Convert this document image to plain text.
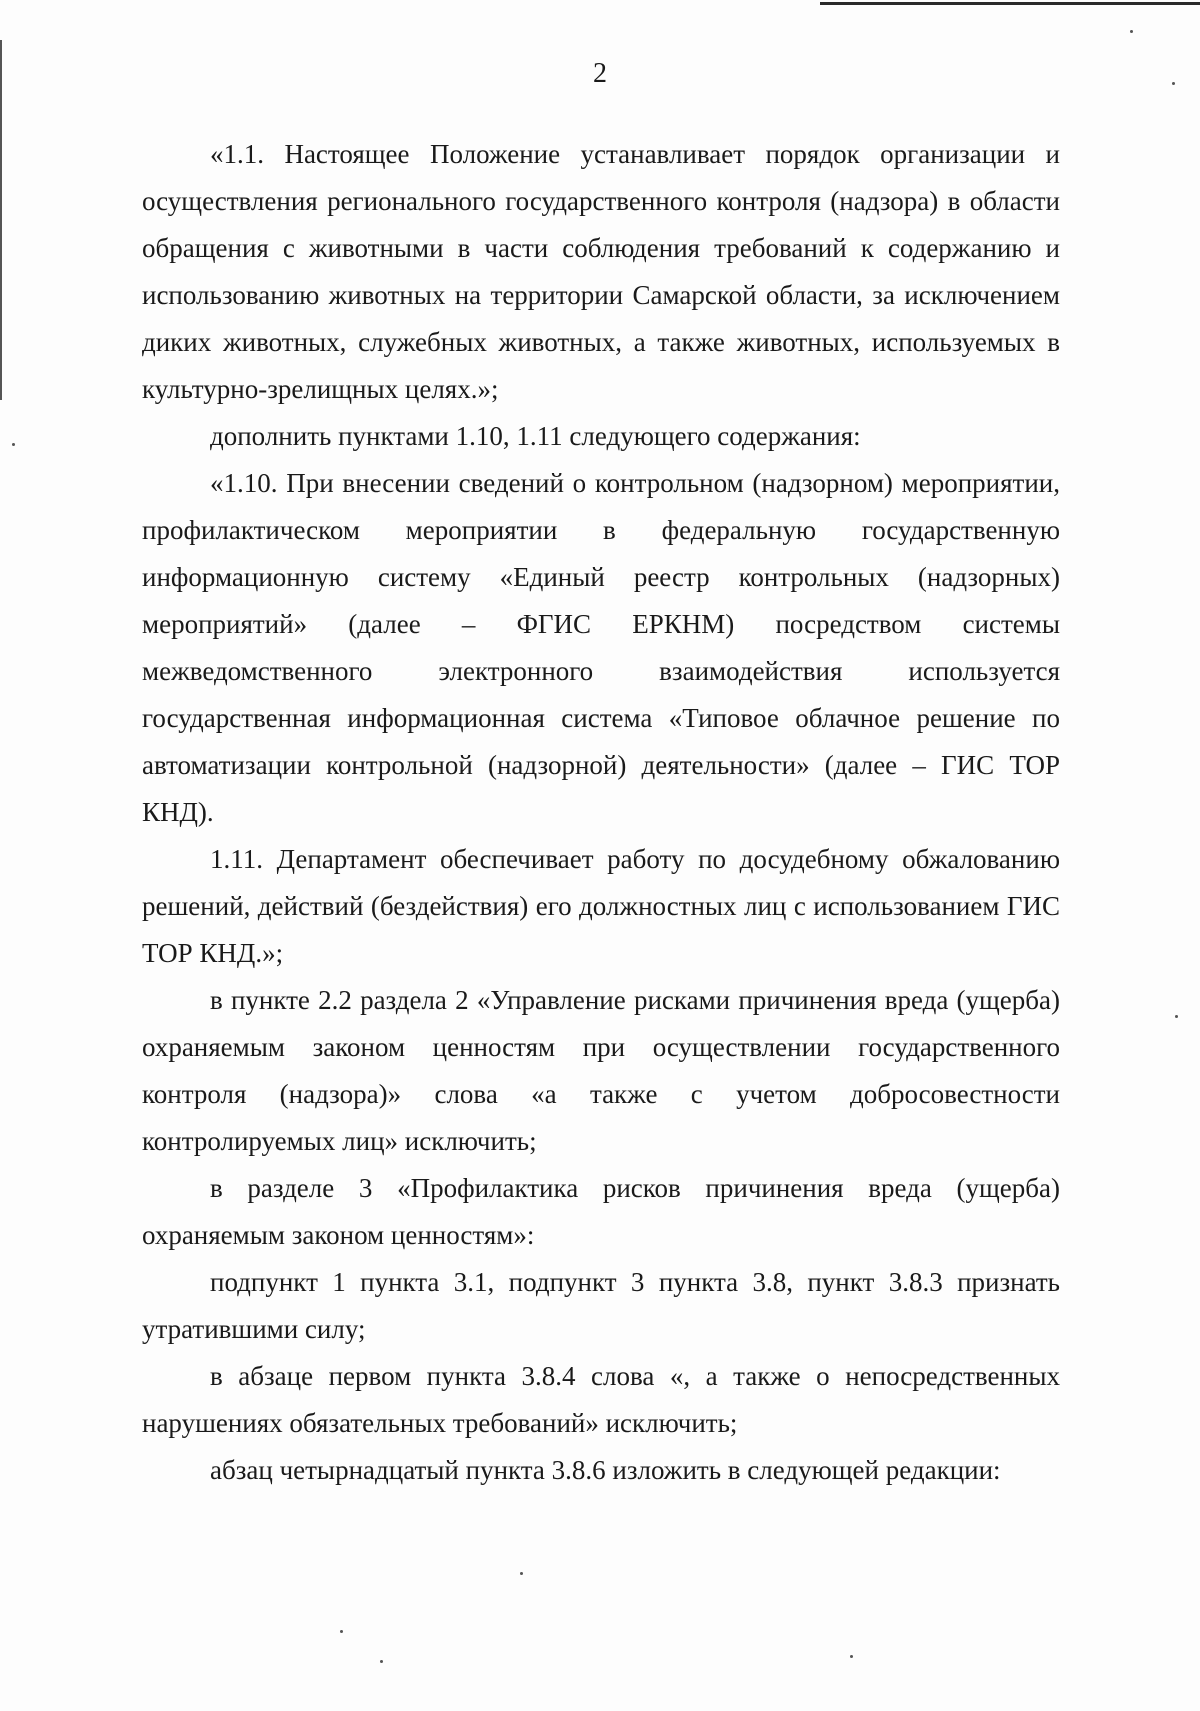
2

«1.1. Настоящее Положение устанавливает порядок организации и осуществления регионального государственного контроля (надзора) в области обращения с животными в части соблюдения требований к содержанию и использованию животных на территории Самарской области, за исключением диких животных, служебных животных, а также животных, используемых в культурно-зрелищных целях.»;

дополнить пунктами 1.10, 1.11 следующего содержания:

«1.10. При внесении сведений о контрольном (надзорном) мероприятии, профилактическом мероприятии в федеральную государственную информационную систему «Единый реестр контрольных (надзорных) мероприятий» (далее – ФГИС ЕРКНМ) посредством системы межведомственного электронного взаимодействия используется государственная информационная система «Типовое облачное решение по автоматизации контрольной (надзорной) деятельности» (далее – ГИС ТОР КНД).

1.11. Департамент обеспечивает работу по досудебному обжалованию решений, действий (бездействия) его должностных лиц с использованием ГИС ТОР КНД.»;

в пункте 2.2 раздела 2 «Управление рисками причинения вреда (ущерба) охраняемым законом ценностям при осуществлении государственного контроля (надзора)» слова «а также с учетом добросовестности контролируемых лиц» исключить;

в разделе 3 «Профилактика рисков причинения вреда (ущерба) охраняемым законом ценностям»:

подпункт 1 пункта 3.1, подпункт 3 пункта 3.8, пункт 3.8.3 признать утратившими силу;

в абзаце первом пункта 3.8.4 слова «, а также о непосредственных нарушениях обязательных требований» исключить;

абзац четырнадцатый пункта 3.8.6 изложить в следующей редакции:
